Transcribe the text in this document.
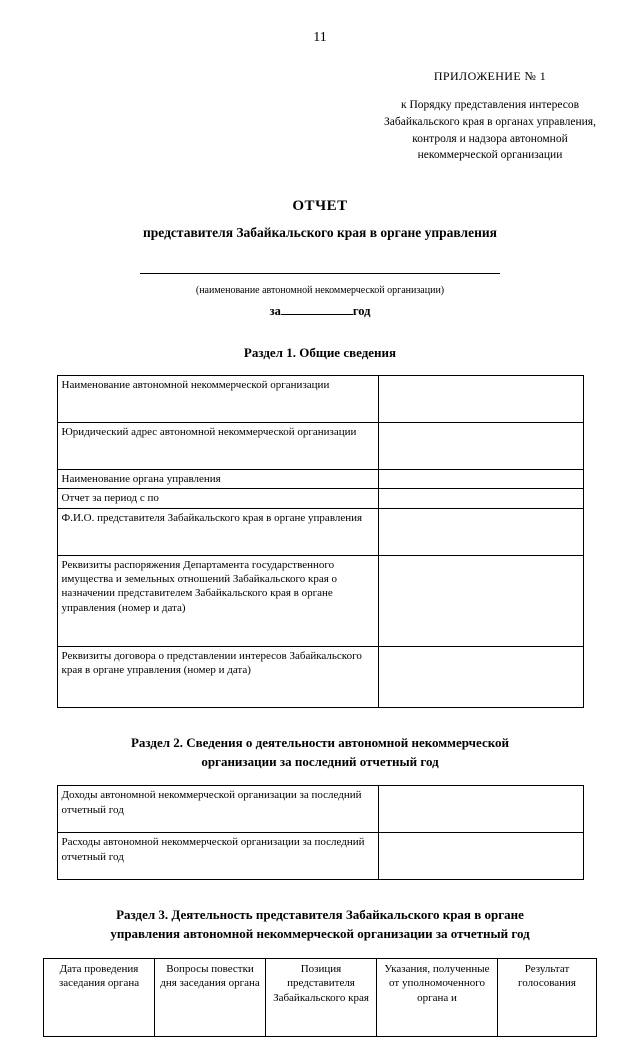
11
ПРИЛОЖЕНИЕ № 1
к Порядку представления интересов
Забайкальского края в органах управления,
контроля и надзора автономной
некоммерческой организации
ОТЧЕТ
представителя Забайкальского края в органе управления
(наименование автономной некоммерческой организации)
за	год
Раздел 1. Общие сведения
Наименование автономной некоммерческой организации	
Юридический адрес автономной некоммерческой организации	
Наименование органа управления	
Отчет за период с по	
Ф.И.О. представителя Забайкальского края в органе управления	
Реквизиты распоряжения Департамента государственного имущества и земельных отношений Забайкальского края о назначении представителем Забайкальского края в органе управления (номер и дата)	
Реквизиты договора о представлении интересов Забайкальского края в органе управления (номер и дата)	
Раздел 2. Сведения о деятельности автономной некоммерческой
организации за последний отчетный год
Доходы автономной некоммерческой организации за последний отчетный год	
Расходы автономной некоммерческой организации за последний отчетный год	
Раздел 3. Деятельность представителя Забайкальского края в органе
управления автономной некоммерческой организации за отчетный год
Дата проведения заседания органа	Вопросы повестки дня заседания органа	Позиция представителя Забайкальского края	Указания, полученные от уполномоченного органа и	Результат голосования
